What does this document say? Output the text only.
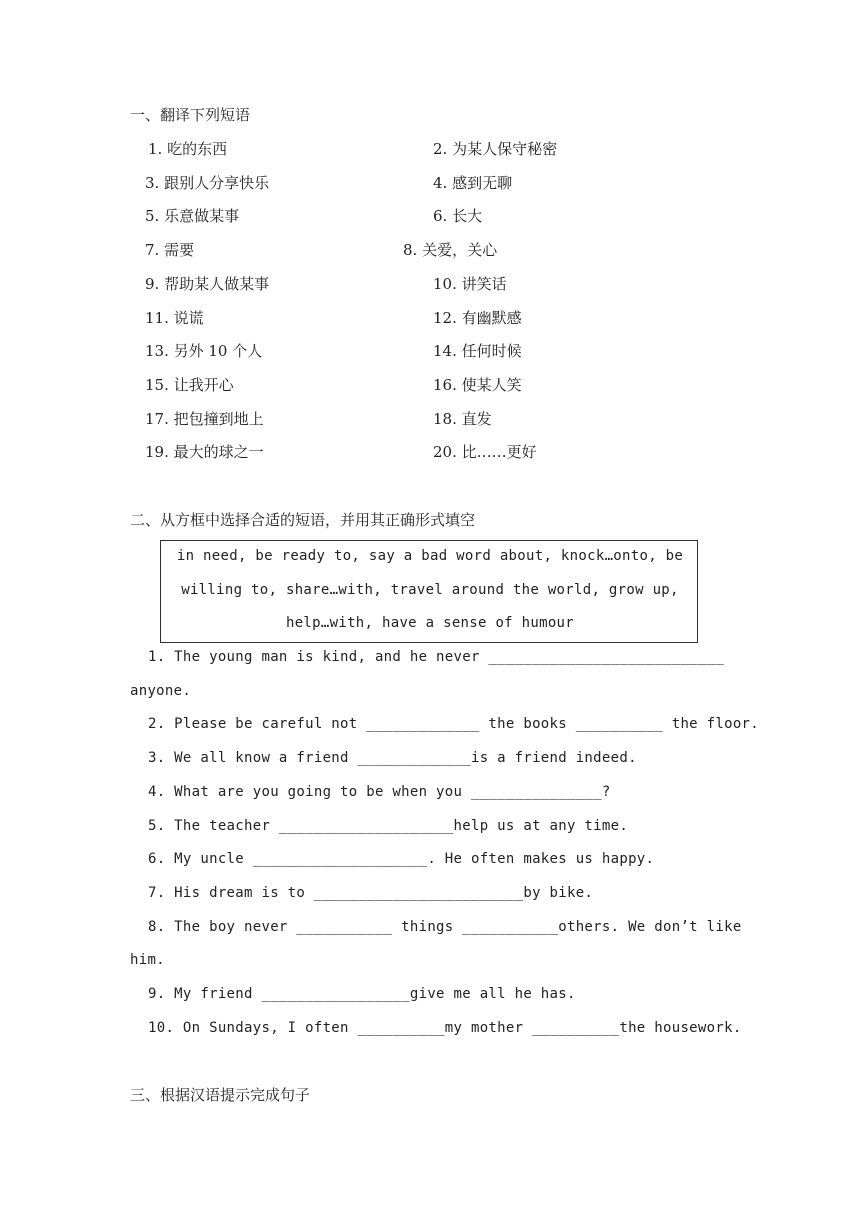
一、翻译下列短语
1. 吃的东西	2. 为某人保守秘密
3. 跟别人分享快乐	4. 感到无聊
5. 乐意做某事	6. 长大
7. 需要	8. 关爱，关心
9. 帮助某人做某事	10. 讲笑话
11. 说谎	12. 有幽默感
13. 另外 10 个人	14. 任何时候
15. 让我开心	16. 使某人笑
17. 把包撞到地上	18. 直发
19. 最大的球之一	20. 比……更好
二、从方框中选择合适的短语，并用其正确形式填空
in need, be ready to, say a bad word about, knock…onto, be
willing to, share…with, travel around the world, grow up,
help…with, have a sense of humour
1. The young man is kind, and he never ___________________________
anyone.
2. Please be careful not _____________ the books __________ the floor.
3. We all know a friend _____________is a friend indeed.
4. What are you going to be when you _______________?
5. The teacher ____________________help us at any time.
6. My uncle ____________________. He often makes us happy.
7. His dream is to ________________________by bike.
8. The boy never ___________ things ___________others. We don’t like
him.
9. My friend _________________give me all he has.
10. On Sundays, I often __________my mother __________the housework.
三、根据汉语提示完成句子
